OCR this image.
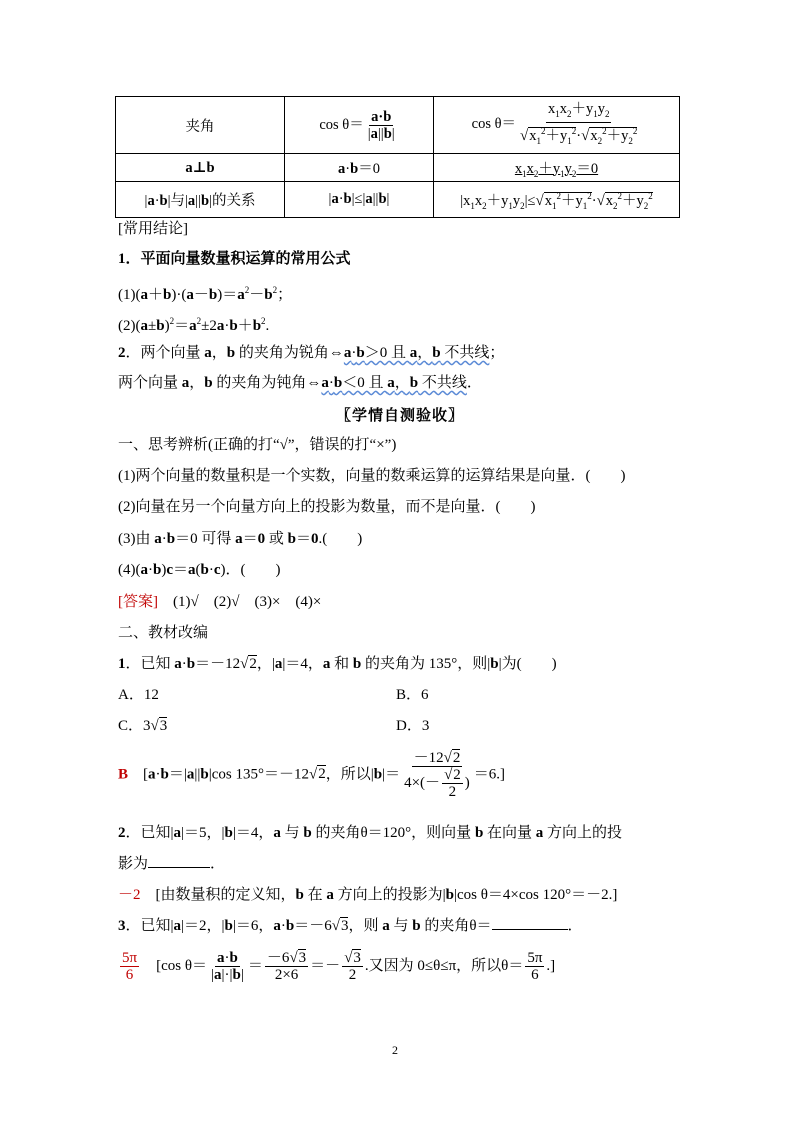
夹角	$\cos \theta= \frac{a\cdot b}{|a||b|}$	$\cos \theta= \frac{x_1x_2+y_1y_2}{√x_1^2+y_1^2\cdot√x_2^2+y_2^2}$

a⊥b	a·b＝0	$x_1x_2+y_1y_2=0$
|a·b|与|a||b|的关系	|a·b|≤|a||b|	$|x_1x_2+y_1y_2|\le√x_1^2+y_1^2\cdot√x_2^2+y_2^2$
[常用结论]
1．平面向量数量积运算的常用公式
$(1)(a+b)\cdot(a-b)=a^2-b^2$；
$(2)(a\pm b)^2=a^2\pm 2a\cdot b+b^2$.
2．两个向量 a，b 的夹角为锐角⇔a·b＞0 且 a，b 不共线；
两个向量 a，b 的夹角为钝角⇔a·b＜0 且 a，b 不共线．
〖学情自测验收〗
一、思考辨析(正确的打“√”，错误的打“×”)
(1)两个向量的数量积是一个实数，向量的数乘运算的运算结果是向量．(　　)
(2)向量在另一个向量方向上的投影为数量，而不是向量．(　　)
(3)由 a·b＝0 可得 a＝0 或 b＝0.(　　)
(4)(a·b)c＝a(b·c)．(　　)
[答案]　 (1)√　(2)√　(3)×　(4)×
二、教材改编
1．已知 a·b＝－12√2，|a|＝4，a 和 b 的夹角为 135°，则|b|为(　　)
A．12	B．6
C．3√3	D．3
B　[a·b＝|a||b|cos 135°＝－12√2，所以$|b|= \frac{-12√2}{4\times(- \frac{√2}{2} )} =6$.]
2．已知|a|＝5，|b|＝4，a 与 b 的夹角θ＝120°，则向量 b 在向量 a 方向上的投
影为	．
－2　[由数量积的定义知，b 在 a 方向上的投影为|b|cos θ＝4×cos 120°＝－2.]
3．已知|a|＝2，|b|＝6，a·b＝－6√3，则 a 与 b 的夹角θ＝	．
$\frac{5\pi}{6}$ 　[cos $\theta= \frac{a\cdot b}{|a|\cdot|b|} = \frac{-6√3}{2\times 6} =- \frac{√3}{2}$ .又因为 0≤θ≤π，所以$\theta= \frac{5\pi}{6}$ .]
2
